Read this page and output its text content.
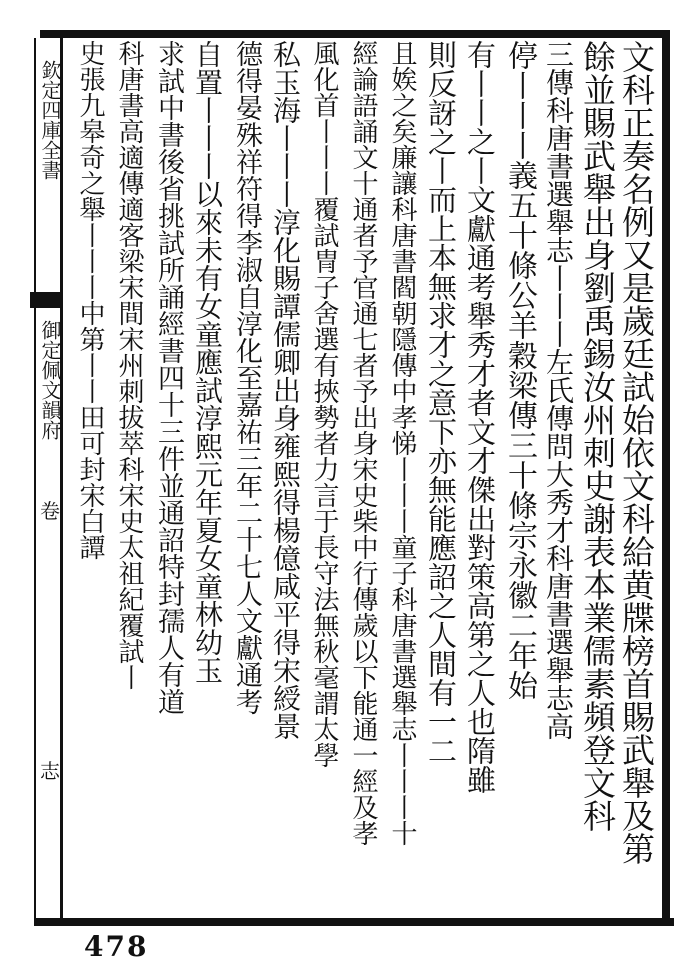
欽定四庫全書
御定佩文韻府
卷
志	文科正奏名例又是歲廷試始依文科給黄牒榜首賜武舉及第
餘並賜武舉出身劉禹錫汝州刺史謝表本業儒素頻登文科
三傳科唐書選舉志丨丨丨左氏傳問大秀才科唐書選舉志高
停丨丨丨義五十條公羊穀梁傳三十條宗永徽二年始
有丨丨之丨文獻通考舉秀才者文才傑出對策高第之人也隋雖
則反訝之丨而上本無求才之意下亦無能應詔之人間有一二
且娭之矣廉讓科唐書閻朝隱傳中孝悌丨丨丨童子科唐書選舉志丨丨丨十
經論語誦文十通者予官通七者予出身宋史柴中行傳歲以下能通一經及孝
風化首丨丨丨覆試冑子舍選有挾勢者力言于長守法無秋毫謂太學
私玉海丨丨丨淳化賜譚儒卿出身雍熙得楊億咸平得宋綬景
德得晏殊祥符得李淑自淳化至嘉祐三年二十七人文獻通考
自置丨丨丨以來未有女童應試淳熙元年夏女童林幼玉
求試中書後省挑試所誦經書四十三件並通詔特封孺人有道
科唐書高適傳適客梁宋間宋州刺拔萃科宋史太祖紀覆試丨
史張九皋奇之舉丨丨丨中第丨丨田可封宋白譚
478
